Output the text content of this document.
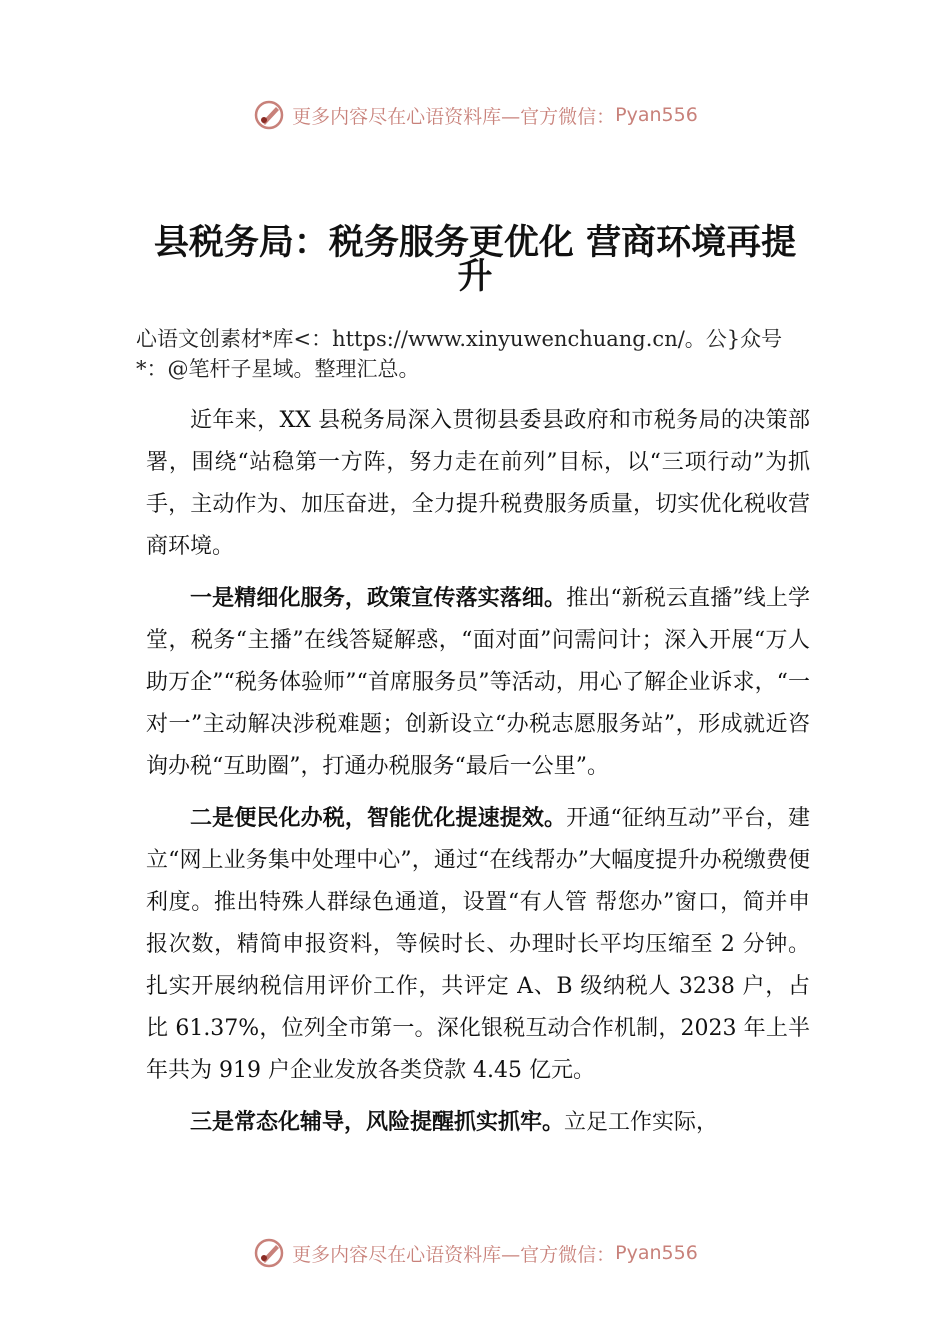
更多内容尽在心语资料库—官方微信： Pyan556
县税务局：税务服务更优化 营商环境再提升
心语文创素材*库<：https://www.xinyuwenchuang.cn/。公}众号*：@笔杆子星域。整理汇总。

近年来，XX 县税务局深入贯彻县委县政府和市税务局的决策部署，围绕“站稳第一方阵，努力走在前列”目标，以“三项行动”为抓手，主动作为、加压奋进，全力提升税费服务质量，切实优化税收营商环境。

一是精细化服务，政策宣传落实落细。推出“新税云直播”线上学堂，税务“主播”在线答疑解惑，“面对面”问需问计；深入开展“万人助万企”“税务体验师”“首席服务员”等活动，用心了解企业诉求，“一对一”主动解决涉税难题；创新设立“办税志愿服务站”，形成就近咨询办税“互助圈”，打通办税服务“最后一公里”。

二是便民化办税，智能优化提速提效。开通“征纳互动”平台，建立“网上业务集中处理中心”，通过“在线帮办”大幅度提升办税缴费便利度。推出特殊人群绿色通道，设置“有人管 帮您办”窗口，简并申报次数，精简申报资料，等候时长、办理时长平均压缩至 2 分钟。扎实开展纳税信用评价工作，共评定 A、B 级纳税人 3238 户，占比 61.37%，位列全市第一。深化银税互动合作机制，2023 年上半年共为 919 户企业发放各类贷款 4.45 亿元。

三是常态化辅导，风险提醒抓实抓牢。立足工作实际，

更多内容尽在心语资料库—官方微信： Pyan556
